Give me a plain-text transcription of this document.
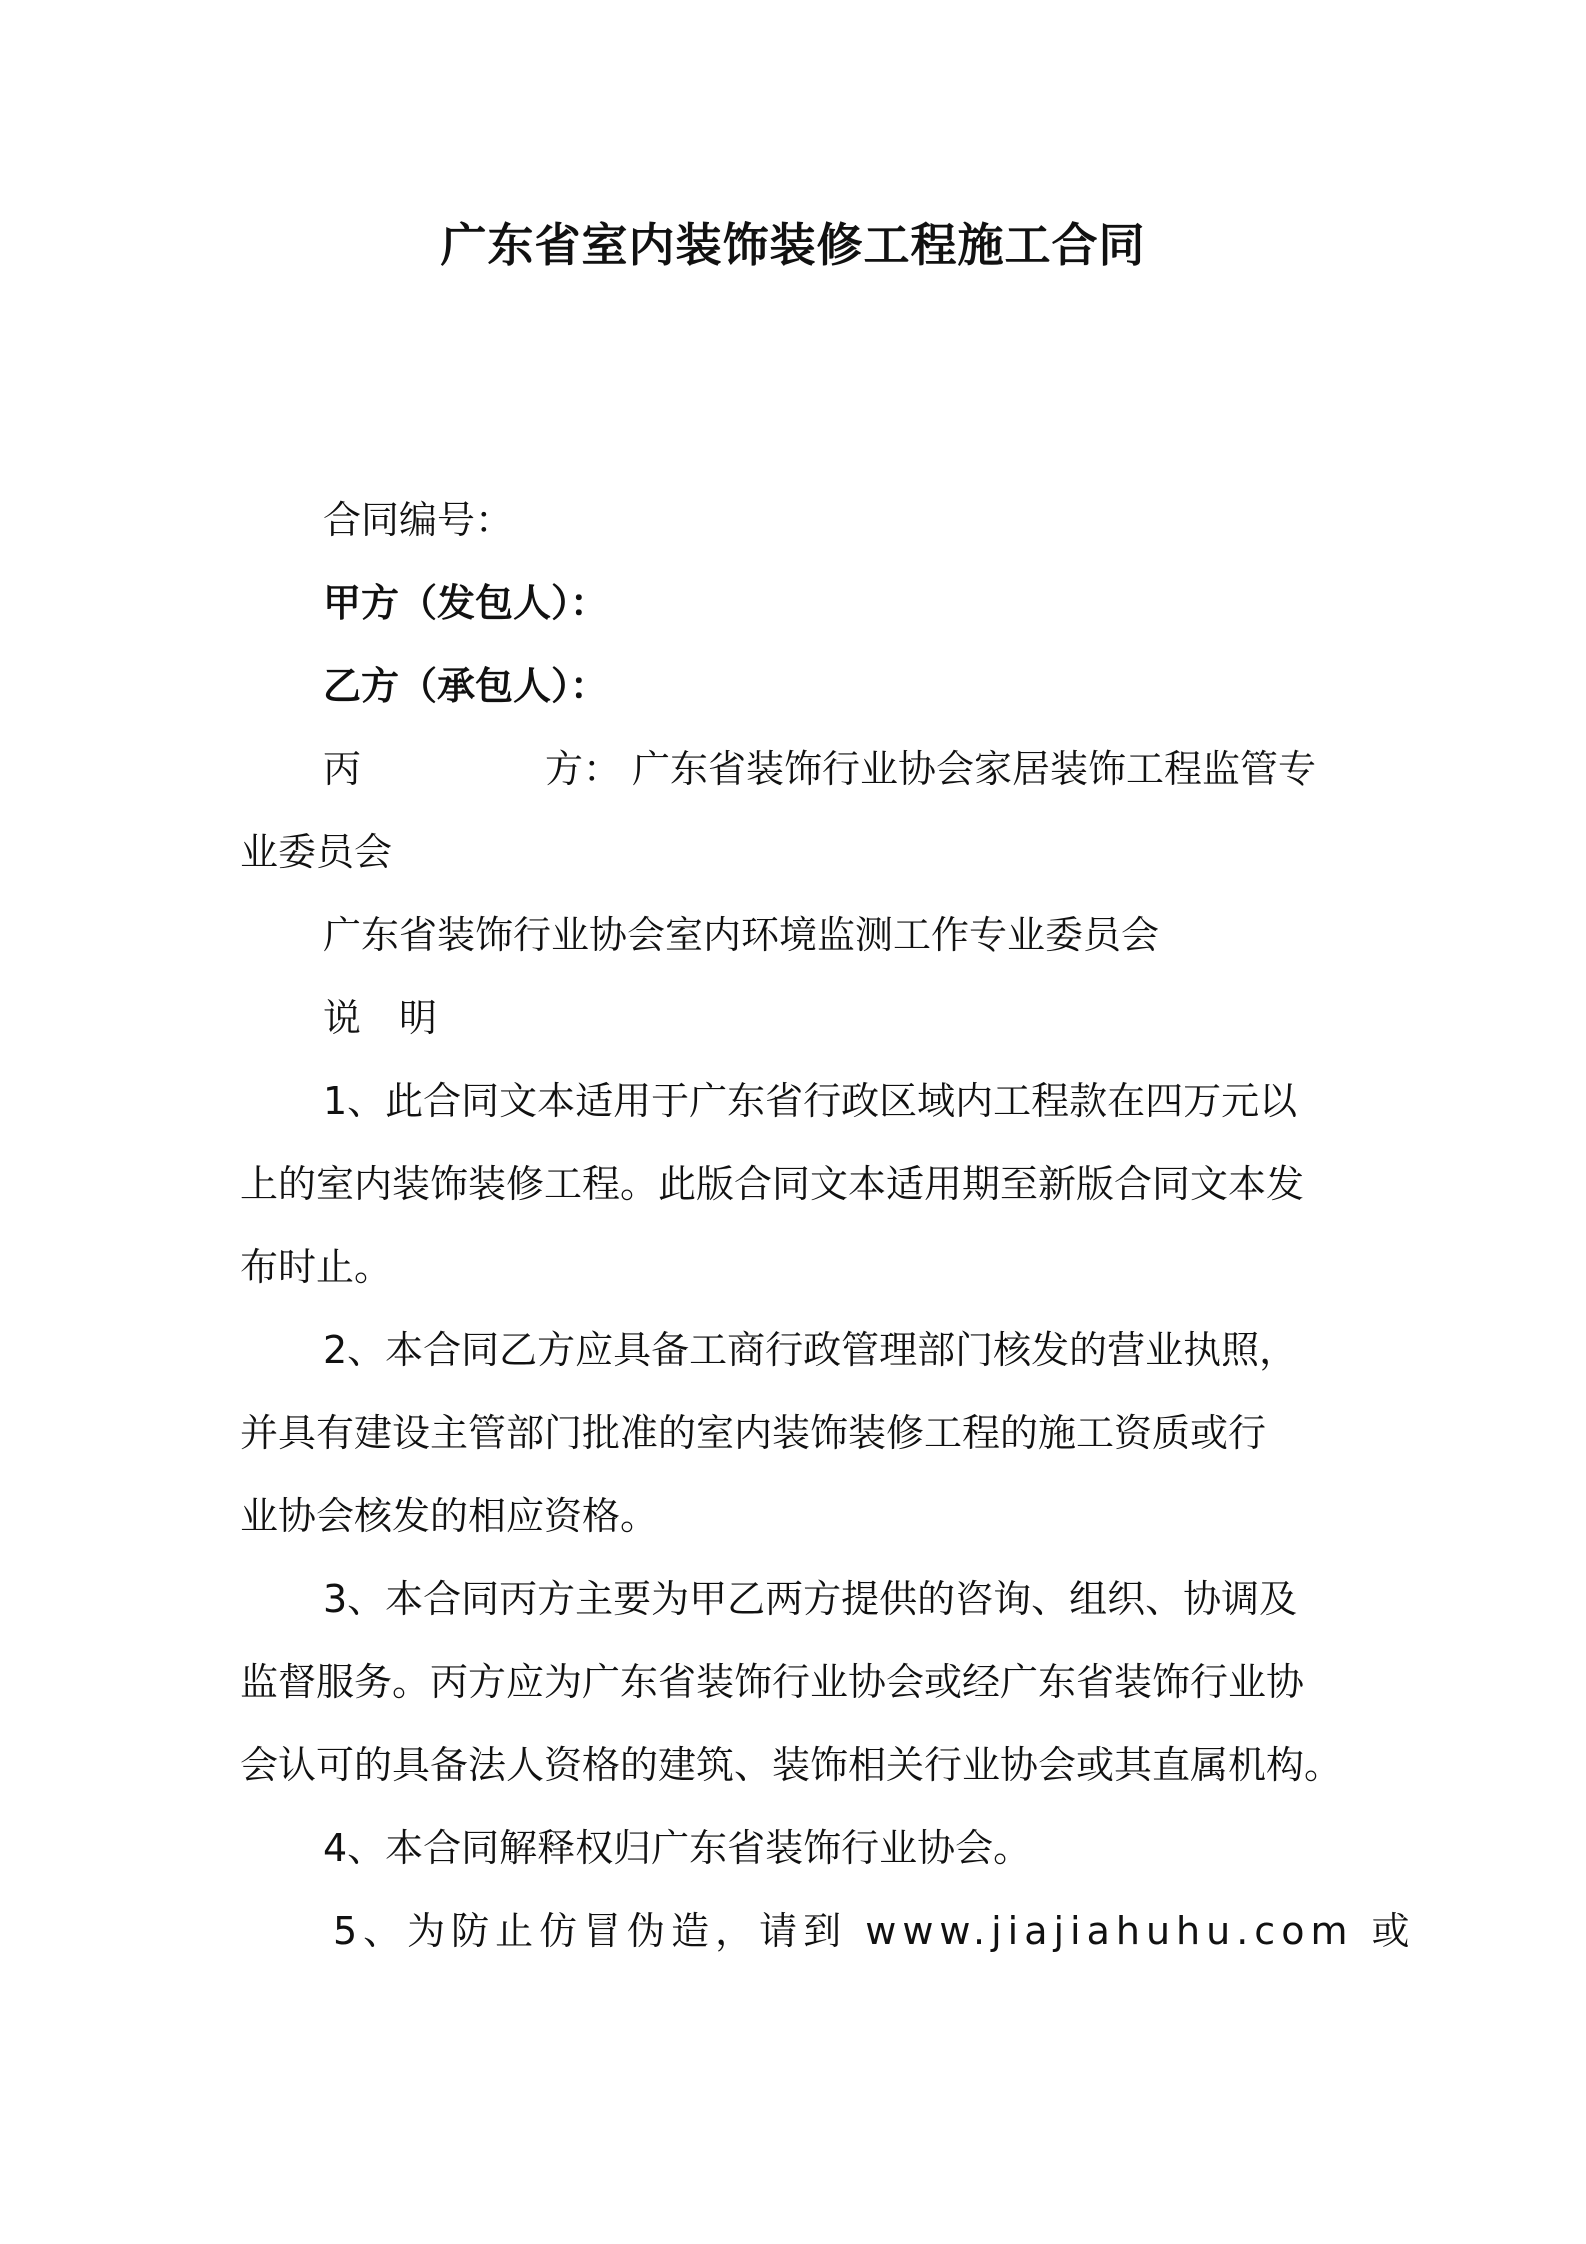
广东省室内装饰装修工程施工合同
合同编号：
甲方（发包人）：
乙方（承包人）：
丙	方： 广东省装饰行业协会家居装饰工程监管专
业委员会
广东省装饰行业协会室内环境监测工作专业委员会
说　明
1、此合同文本适用于广东省行政区域内工程款在四万元以
上的室内装饰装修工程。此版合同文本适用期至新版合同文本发
布时止。
2、本合同乙方应具备工商行政管理部门核发的营业执照，
并具有建设主管部门批准的室内装饰装修工程的施工资质或行
业协会核发的相应资格。
3、本合同丙方主要为甲乙两方提供的咨询、组织、协调及
监督服务。丙方应为广东省装饰行业协会或经广东省装饰行业协
会认可的具备法人资格的建筑、装饰相关行业协会或其直属机构。
4、本合同解释权归广东省装饰行业协会。
5、为防止仿冒伪造，请到 www.jiajiahuhu.com 或
